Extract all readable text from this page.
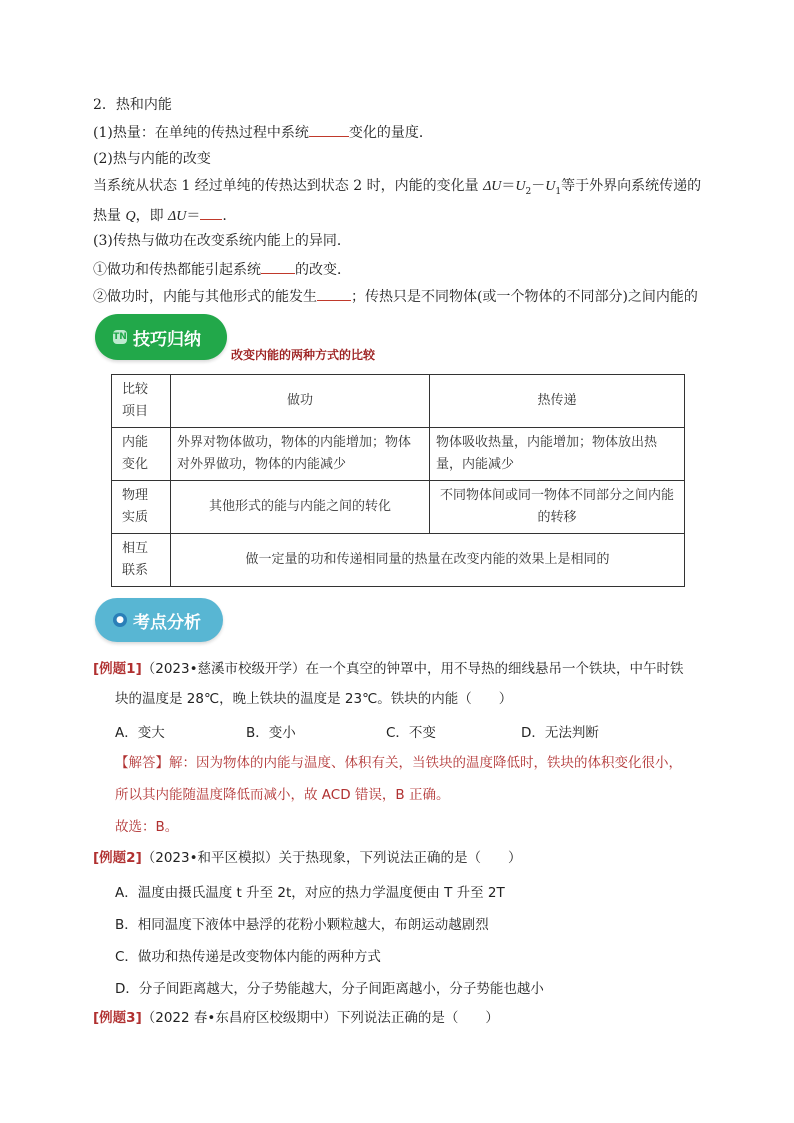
2．热和内能
(1)热量：在单纯的传热过程中系统	变化的量度．
(2)热与内能的改变
当系统从状态 1 经过单纯的传热达到状态 2 时，内能的变化量 $\Delta U=U_2-U_1$等于外界向系统传递的
热量 Q，即 ΔU＝ .
(3)传热与做功在改变系统内能上的异同．
①做功和传热都能引起系统 的改变．
②做功时，内能与其他形式的能发生 ；传热只是不同物体(或一个物体的不同部分)之间内能的
TN 技巧归纳
改变内能的两种方式的比较
比较
项目	做功	热传递
内能
变化	外界对物体做功，物体的内能增加；物体对外界做功，物体的内能减少	物体吸收热量，内能增加；物体放出热量，内能减少
物理
实质	其他形式的能与内能之间的转化	不同物体间或同一物体不同部分之间内能的转移
相互
联系	做一定量的功和传递相同量的热量在改变内能的效果上是相同的	
● 考点分析
[例题1]（2023•慈溪市校级开学）在一个真空的钟罩中，用不导热的细线悬吊一个铁块，中午时铁
块的温度是 28℃，晚上铁块的温度是 23℃。铁块的内能（　　）
A．变大	B．变小	C．不变	D．无法判断
【解答】解：因为物体的内能与温度、体积有关，当铁块的温度降低时，铁块的体积变化很小，
所以其内能随温度降低而减小，故 ACD 错误，B 正确。
故选：B。
[例题2]（2023•和平区模拟）关于热现象，下列说法正确的是（　　）
A．温度由摄氏温度 t 升至 2t，对应的热力学温度便由 T 升至 2T
B．相同温度下液体中悬浮的花粉小颗粒越大，布朗运动越剧烈
C．做功和热传递是改变物体内能的两种方式
D．分子间距离越大，分子势能越大，分子间距离越小，分子势能也越小
[例题3]（2022 春•东昌府区校级期中）下列说法正确的是（　　）
